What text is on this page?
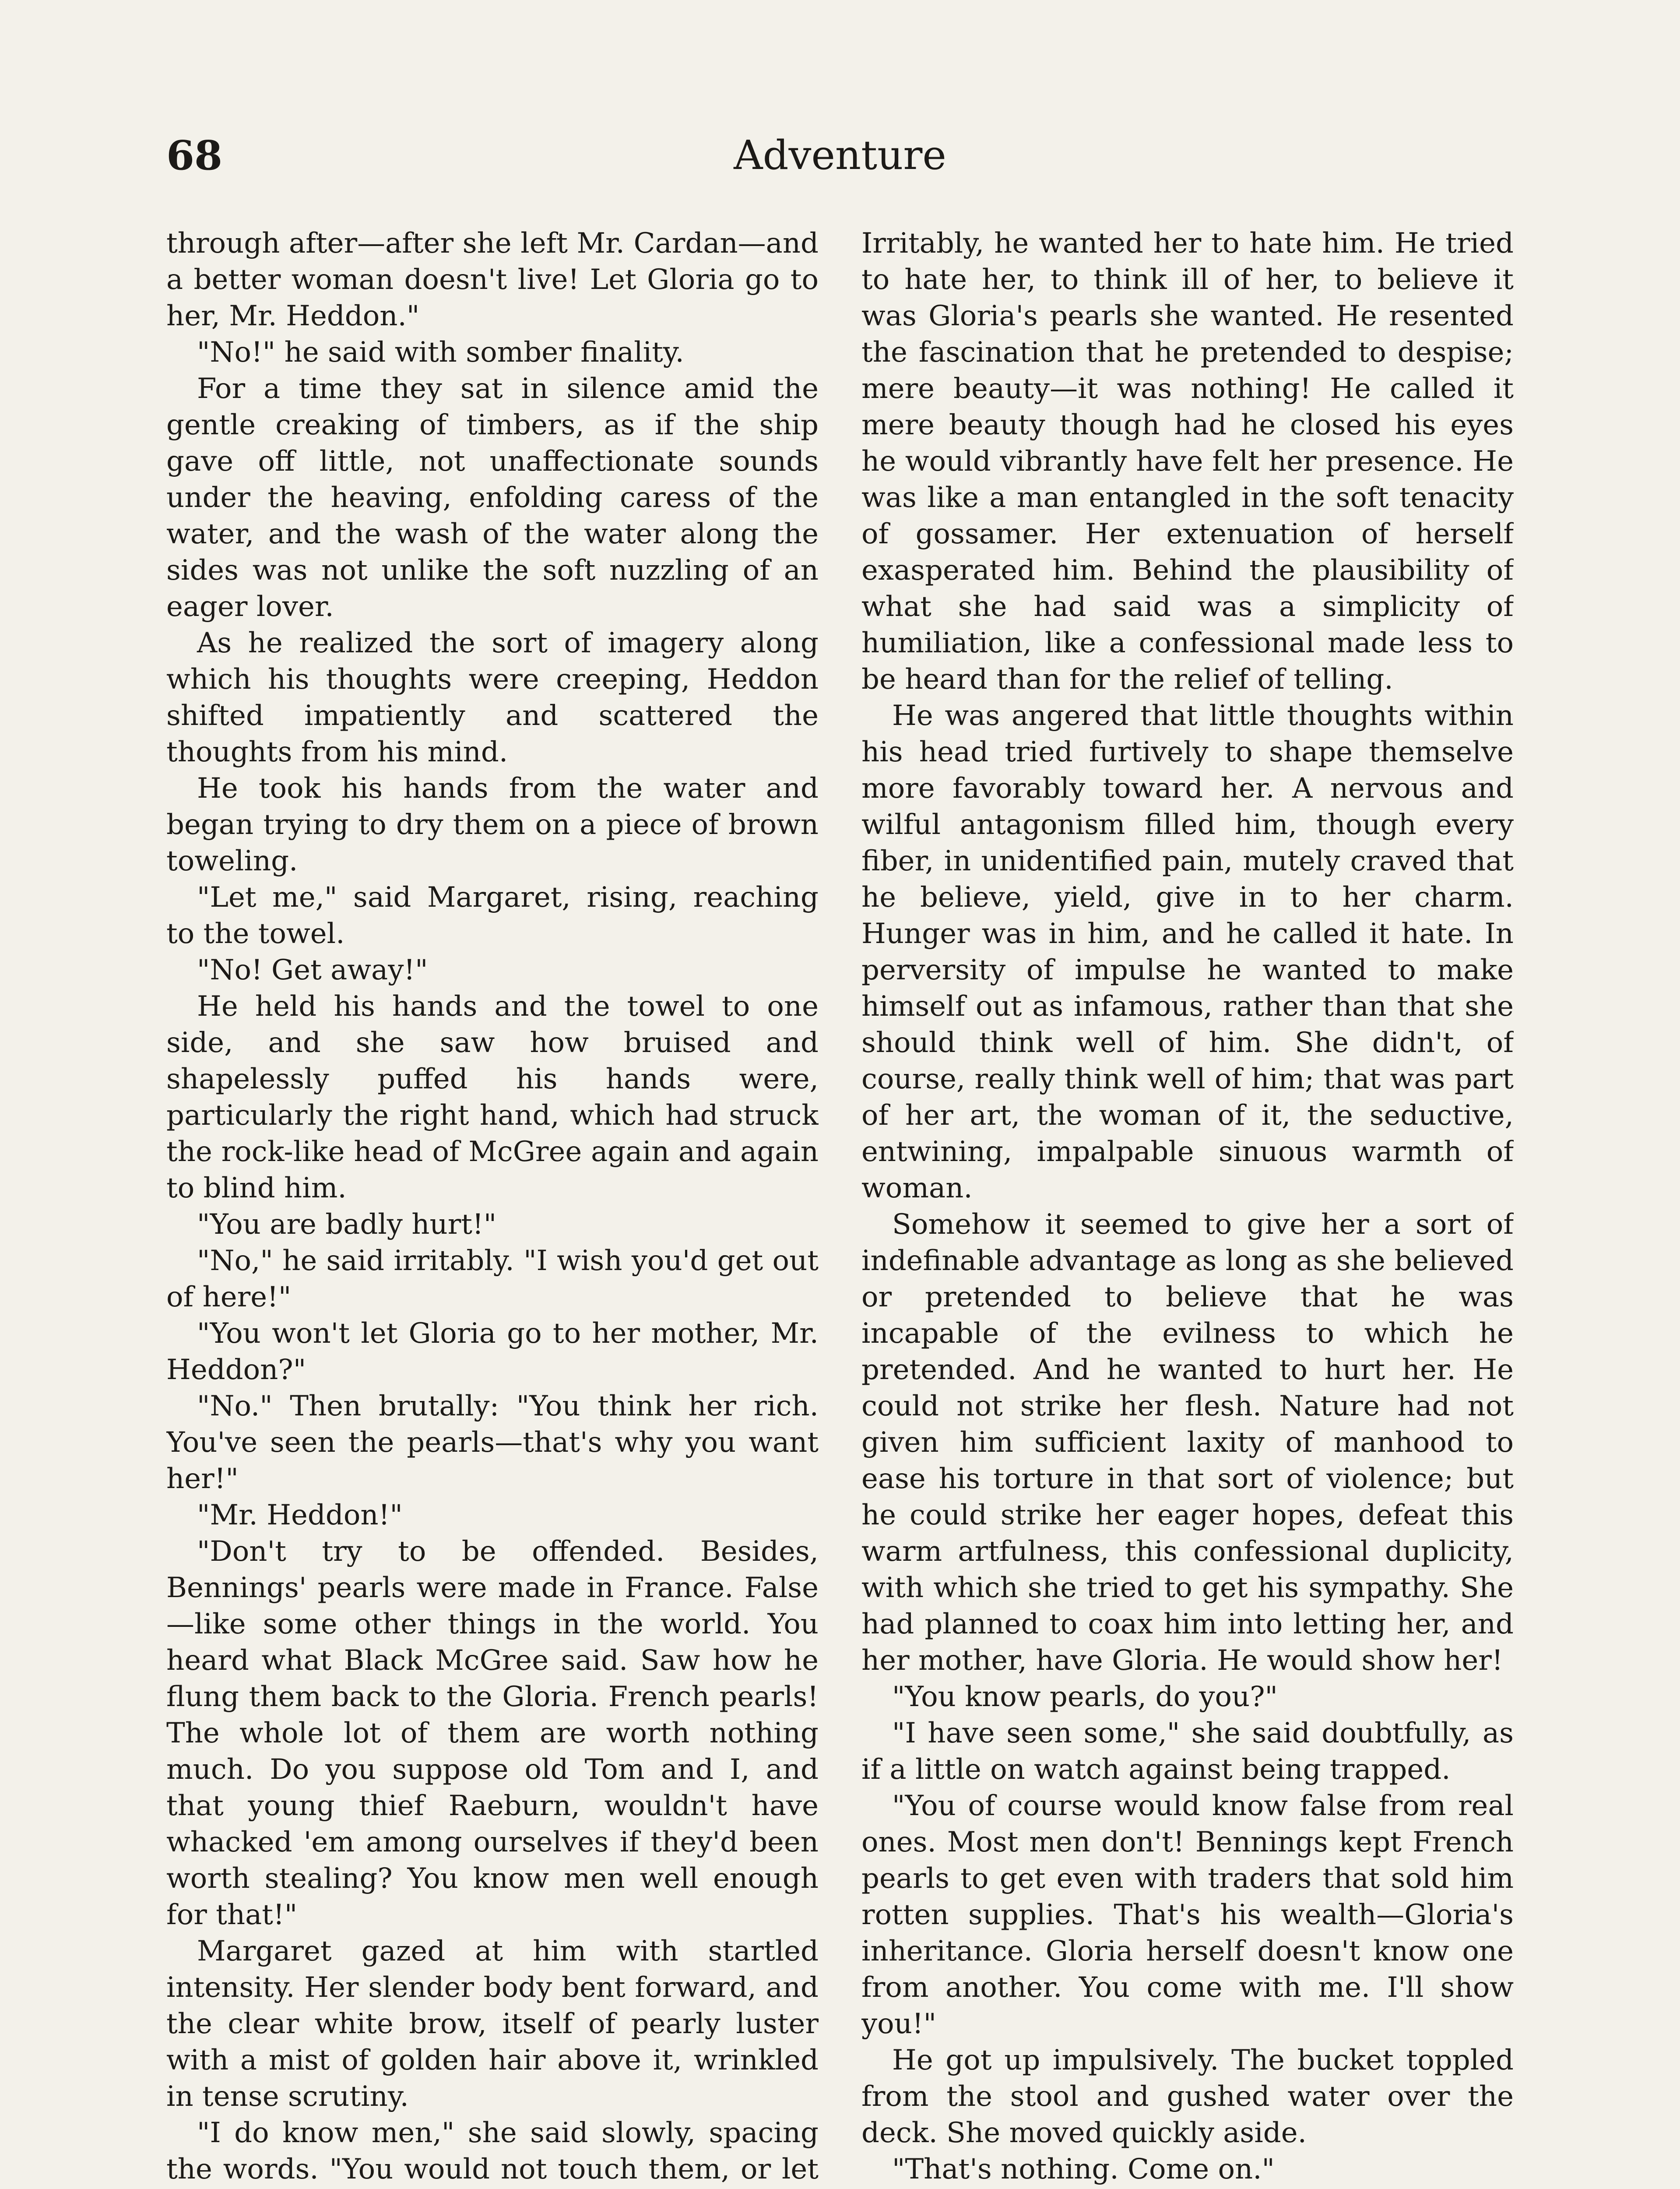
68	Adventure

through after—after she left Mr. Cardan—and a better woman doesn't live! Let Gloria go to her, Mr. Heddon."

"No!" he said with somber finality.

For a time they sat in silence amid the gentle creaking of timbers, as if the ship gave off little, not unaffectionate sounds under the heaving, enfolding caress of the water, and the wash of the water along the sides was not unlike the soft nuzzling of an eager lover.

As he realized the sort of imagery along which his thoughts were creeping, Heddon shifted impatiently and scattered the thoughts from his mind.

He took his hands from the water and began trying to dry them on a piece of brown toweling.

"Let me," said Margaret, rising, reaching to the towel.

"No! Get away!"

He held his hands and the towel to one side, and she saw how bruised and shapelessly puffed his hands were, particularly the right hand, which had struck the rock-like head of McGree again and again to blind him.

"You are badly hurt!"

"No," he said irritably. "I wish you'd get out of here!"

"You won't let Gloria go to her mother, Mr. Heddon?"

"No." Then brutally: "You think her rich. You've seen the pearls—that's why you want her!"

"Mr. Heddon!"

"Don't try to be offended. Besides, Bennings' pearls were made in France. False—like some other things in the world. You heard what Black McGree said. Saw how he flung them back to the Gloria. French pearls! The whole lot of them are worth nothing much. Do you suppose old Tom and I, and that young thief Raeburn, wouldn't have whacked 'em among ourselves if they'd been worth stealing? You know men well enough for that!"

Margaret gazed at him with startled intensity. Her slender body bent forward, and the clear white brow, itself of pearly luster with a mist of golden hair above it, wrinkled in tense scrutiny.

"I do know men," she said slowly, spacing the words. "You would not touch them, or let

Irritably, he wanted her to hate him. He tried to hate her, to think ill of her, to believe it was Gloria's pearls she wanted. He resented the fascination that he pretended to despise; mere beauty—it was nothing! He called it mere beauty though had he closed his eyes he would vibrantly have felt her presence. He was like a man entangled in the soft tenacity of gossamer. Her extenuation of herself exasperated him. Behind the plausibility of what she had said was a simplicity of humiliation, like a confessional made less to be heard than for the relief of telling.

He was angered that little thoughts within his head tried furtively to shape themselve more favorably toward her. A nervous and wilful antagonism filled him, though every fiber, in unidentified pain, mutely craved that he believe, yield, give in to her charm. Hunger was in him, and he called it hate. In perversity of impulse he wanted to make himself out as infamous, rather than that she should think well of him. She didn't, of course, really think well of him; that was part of her art, the woman of it, the seductive, entwining, impalpable sinuous warmth of woman.

Somehow it seemed to give her a sort of indefinable advantage as long as she believed or pretended to believe that he was incapable of the evilness to which he pretended. And he wanted to hurt her. He could not strike her flesh. Nature had not given him sufficient laxity of manhood to ease his torture in that sort of violence; but he could strike her eager hopes, defeat this warm artfulness, this confessional duplicity, with which she tried to get his sympathy. She had planned to coax him into letting her, and her mother, have Gloria. He would show her!

"You know pearls, do you?"

"I have seen some," she said doubtfully, as if a little on watch against being trapped.

"You of course would know false from real ones. Most men don't! Bennings kept French pearls to get even with traders that sold him rotten supplies. That's his wealth—Gloria's inheritance. Gloria herself doesn't know one from another. You come with me. I'll show you!"

He got up impulsively. The bucket toppled from the stool and gushed water over the deck. She moved quickly aside.

"That's nothing. Come on."
